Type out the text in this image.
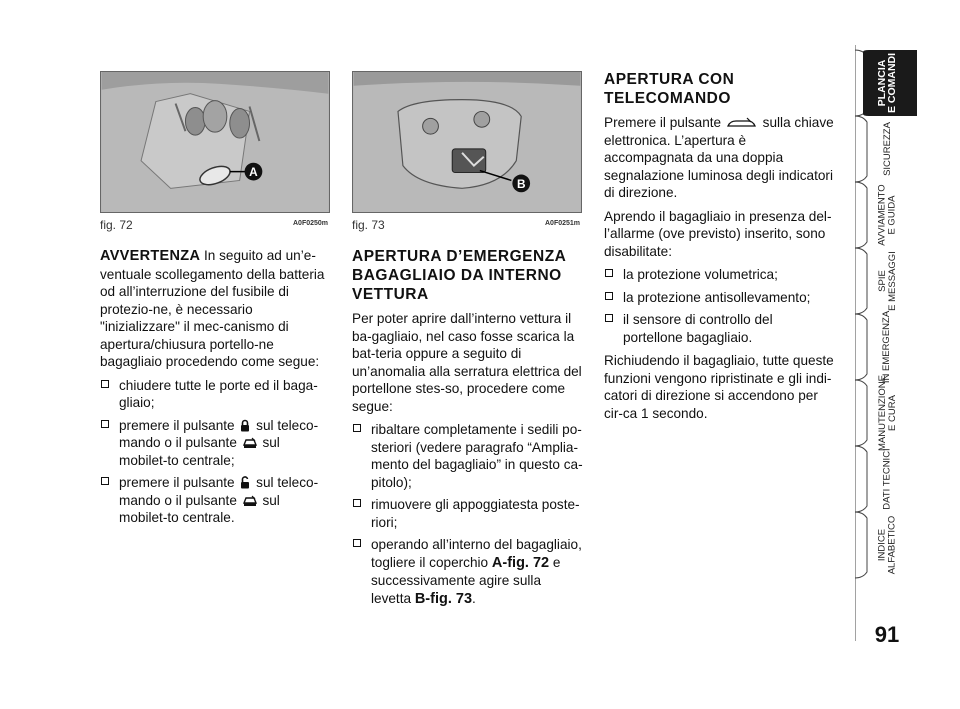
A
fig. 72	A0F0250m
B
fig. 73	A0F0251m

AVVERTENZA In seguito ad un’e-ventuale scollegamento della batteria od all’interruzione del fusibile di protezio-ne, è necessario "inizializzare" il mec-canismo di apertura/chiusura portello-ne bagagliaio procedendo come segue:

chiudere tutte le porte ed il baga-gliaio;
premere il pulsante  sul teleco-mando o il pulsante  sul mobilet-to centrale;
premere il pulsante  sul teleco-mando o il pulsante  sul mobilet-to centrale.
APERTURA D’EMERGENZA BAGAGLIAIO DA INTERNO VETTURA

Per poter aprire dall’interno vettura il ba-gagliaio, nel caso fosse scarica la bat-teria oppure a seguito di un’anomalia alla serratura elettrica del portellone stes-so, procedere come segue:

ribaltare completamente i sedili po-steriori (vedere paragrafo “Amplia-mento del bagagliaio” in questo ca-pitolo);
rimuovere gli appoggiatesta poste-riori;
operando all’interno del bagagliaio, togliere il coperchio A-fig. 72 e successivamente agire sulla levetta B-fig. 73.
APERTURA CON TELECOMANDO

Premere il pulsante	sulla chiave elettronica. L’apertura è accompagnata da una doppia segnalazione luminosa degli indicatori di direzione.

Aprendo il bagagliaio in presenza del-l’allarme (ove previsto) inserito, sono disabilitate:

la protezione volumetrica;
la protezione antisollevamento;
il sensore di controllo del portellone bagagliaio.

Richiudendo il bagagliaio, tutte queste funzioni vengono ripristinate e gli indi-catori di direzione si accendono per cir-ca 1 secondo.

PLANCIA
E COMANDI
SICUREZZA
AVVIAMENTO
E GUIDA
SPIE
E MESSAGGI
IN EMERGENZA
MANUTENZIONE
E CURA
DATI TECNICI
INDICE
ALFABETICO
91
